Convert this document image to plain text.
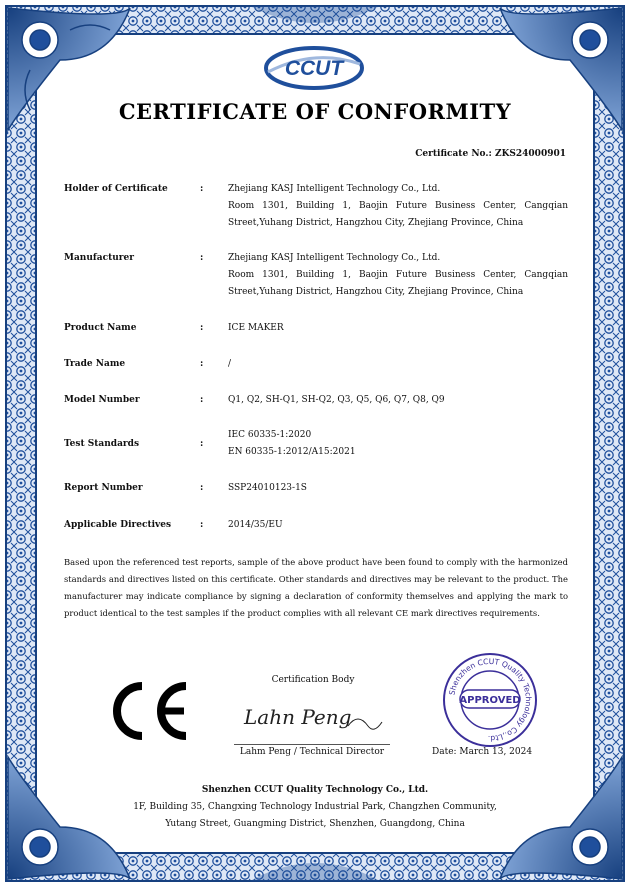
CCUT
CERTIFICATE OF CONFORMITY
Certificate No.: ZKS24000901
Holder of Certificate	:	Zhejiang KASJ Intelligent Technology Co., Ltd.
Room 1301, Building 1, Baojin Future Business Center, Cangqian Street,Yuhang District, Hangzhou City, Zhejiang Province, China
Manufacturer	:	Zhejiang KASJ Intelligent Technology Co., Ltd.
Room 1301, Building 1, Baojin Future Business Center, Cangqian Street,Yuhang District, Hangzhou City, Zhejiang Province, China
Product Name	:	ICE MAKER
Trade Name	:	/
Model Number	:	Q1, Q2, SH-Q1, SH-Q2, Q3, Q5, Q6, Q7, Q8, Q9
Test Standards	:
IEC 60335-1:2020
EN 60335-1:2012/A15:2021
Report Number	:	SSP24010123-1S
Applicable Directives	:	2014/35/EU
Based upon the referenced test reports, sample of the above product have been found to comply with the harmonized standards and directives listed on this certificate. Other standards and directives may be relevant to the product. The manufacturer may indicate compliance by signing a declaration of conformity themselves and applying the mark to product identical to the test samples if the product complies with all relevant CE mark directives requirements.
Certification Body
Lahn Peng
Lahm Peng / Technical Director	Date: March 13, 2024
Shenzhen CCUT Quality Technology Co.,Ltd.
APPROVED
Shenzhen CCUT Quality Technology Co., Ltd.
1F, Building 35, Changxing Technology Industrial Park, Changzhen Community,
Yutang Street, Guangming District, Shenzhen, Guangdong, China
